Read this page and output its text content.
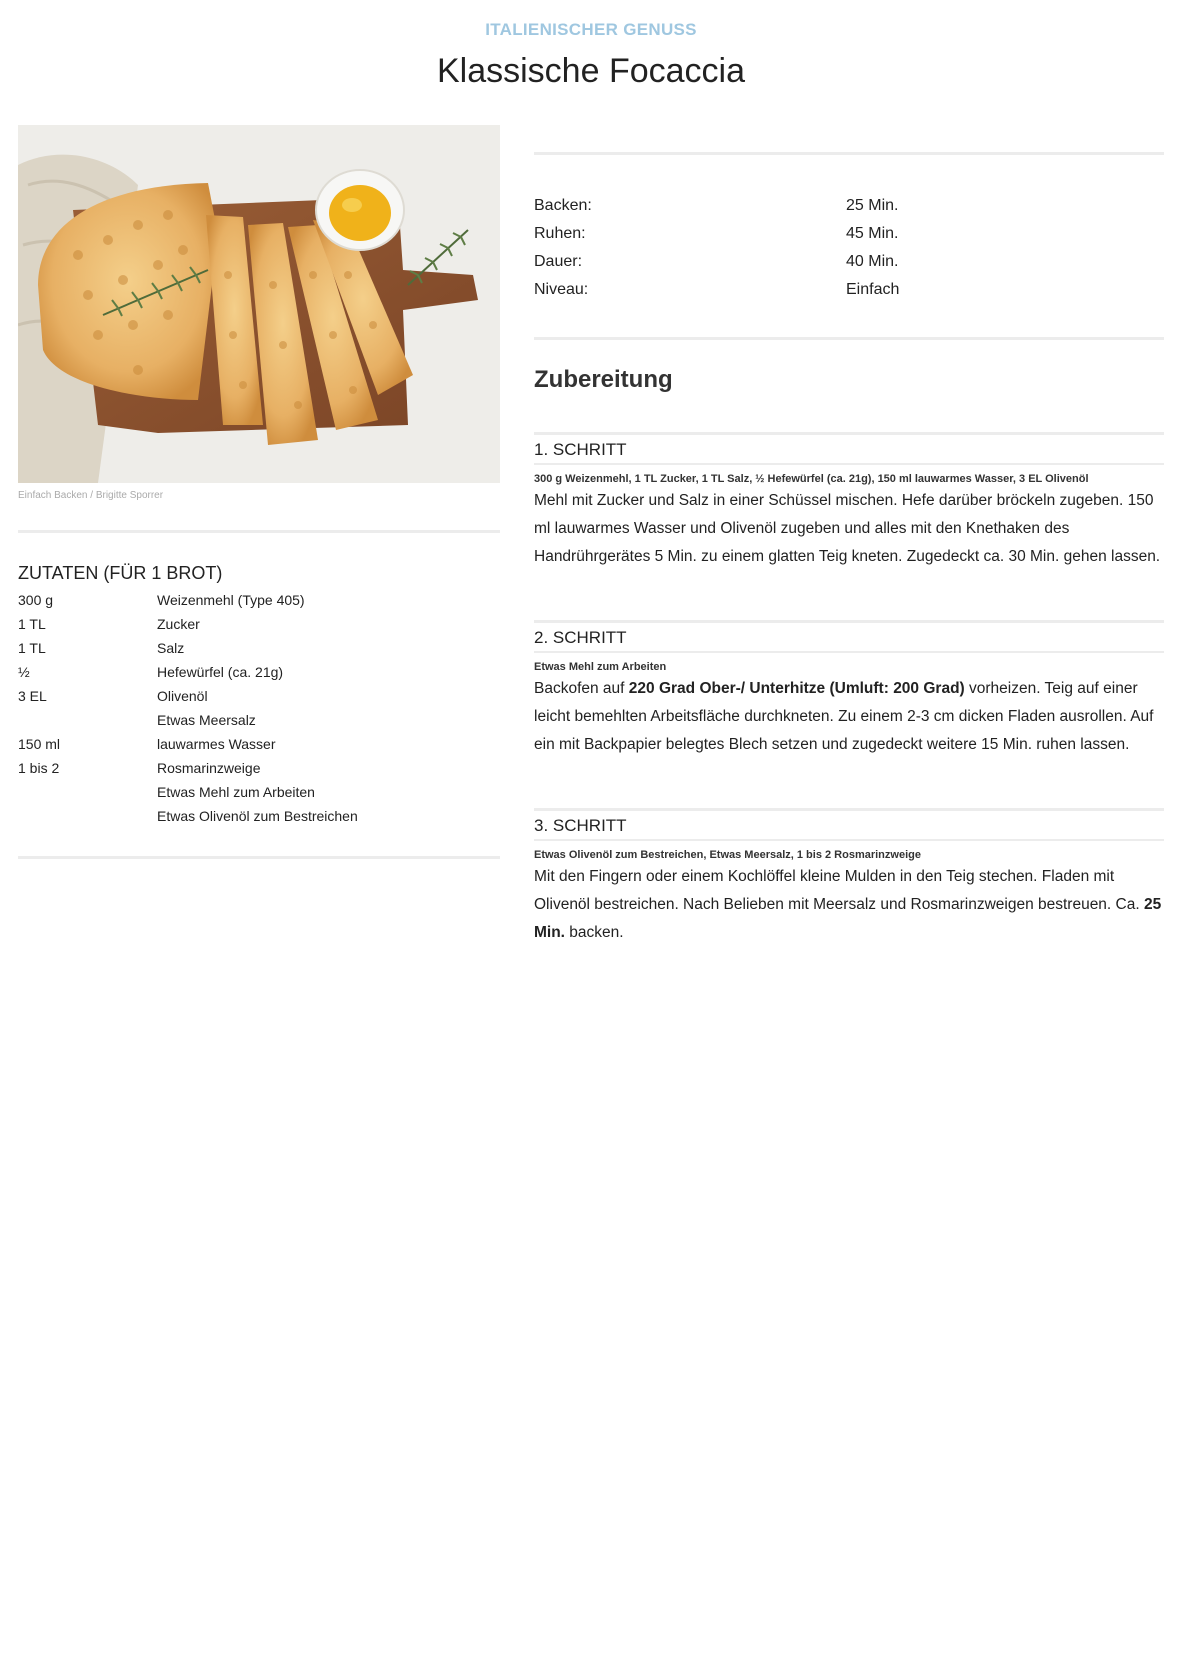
ITALIENISCHER GENUSS
Klassische Focaccia
Einfach Backen / Brigitte Sporrer
ZUTATEN (FÜR 1 BROT)
300 g	Weizenmehl (Type 405)
1 TL	Zucker
1 TL	Salz
½	Hefewürfel (ca. 21g)
3 EL	Olivenöl
Etwas Meersalz
150 ml	lauwarmes Wasser
1 bis 2	Rosmarinzweige
Etwas Mehl zum Arbeiten
Etwas Olivenöl zum Bestreichen
Backen:	25 Min.
Ruhen:	45 Min.
Dauer:	40 Min.
Niveau:	Einfach
Zubereitung
1. SCHRITT
300 g Weizenmehl, 1 TL Zucker, 1 TL Salz, ½ Hefewürfel (ca. 21g), 150 ml lauwarmes Wasser, 3 EL Olivenöl
Mehl mit Zucker und Salz in einer Schüssel mischen. Hefe darüber bröckeln zugeben. 150 ml lauwarmes Wasser und Olivenöl zugeben und alles mit den Knethaken des Handrührgerätes 5 Min. zu einem glatten Teig kneten. Zugedeckt ca. 30 Min. gehen lassen.
2. SCHRITT
Etwas Mehl zum Arbeiten
Backofen auf 220 Grad Ober-/ Unterhitze (Umluft: 200 Grad) vorheizen. Teig auf einer leicht bemehlten Arbeitsfläche durchkneten. Zu einem 2-3 cm dicken Fladen ausrollen. Auf ein mit Backpapier belegtes Blech setzen und zugedeckt weitere 15 Min. ruhen lassen.
3. SCHRITT
Etwas Olivenöl zum Bestreichen, Etwas Meersalz, 1 bis 2 Rosmarinzweige
Mit den Fingern oder einem Kochlöffel kleine Mulden in den Teig stechen. Fladen mit Olivenöl bestreichen. Nach Belieben mit Meersalz und Rosmarinzweigen bestreuen. Ca. 25 Min. backen.
